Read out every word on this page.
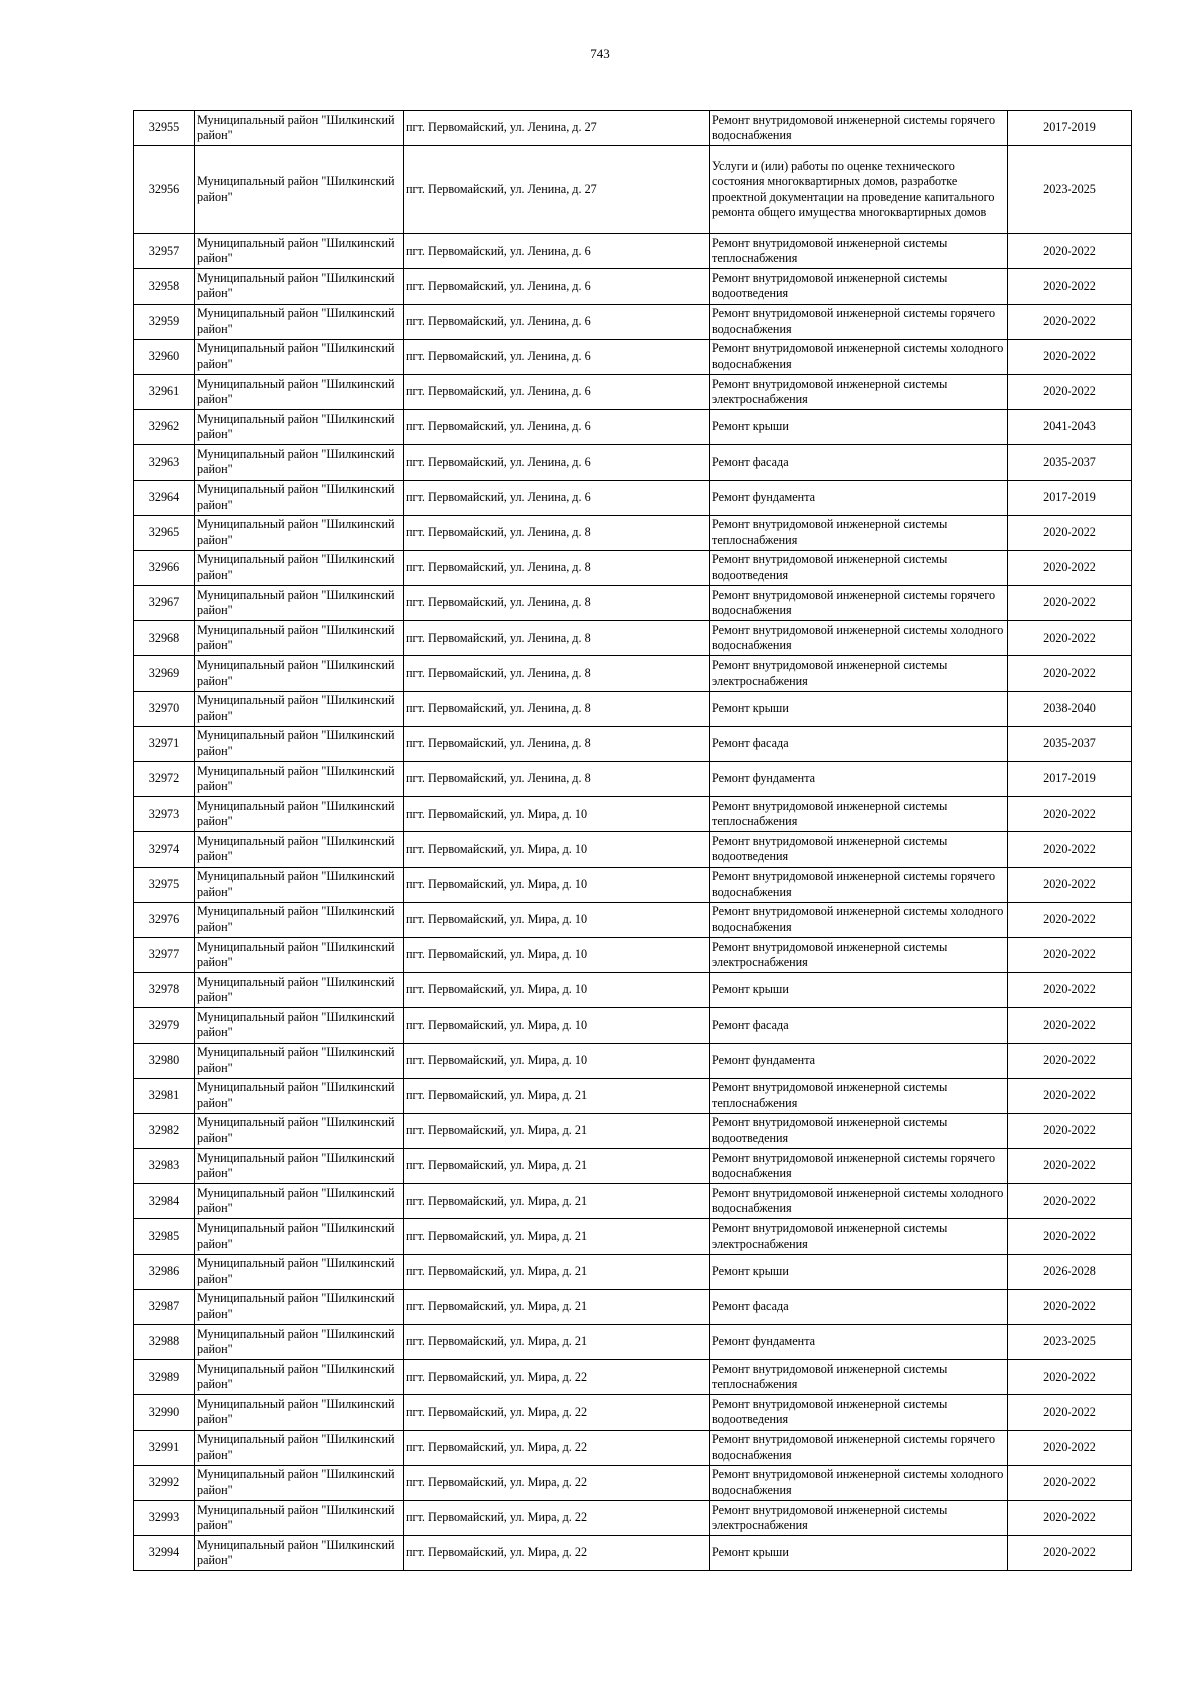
743
32955	Муниципальный район "Шилкинский район"	пгт. Первомайский, ул. Ленина, д. 27	Ремонт внутридомовой инженерной системы горячего водоснабжения	2017-2019
32956	Муниципальный район "Шилкинский район"	пгт. Первомайский, ул. Ленина, д. 27	Услуги и (или) работы по оценке технического состояния многоквартирных домов, разработке проектной документации на проведение капитального ремонта общего имущества многоквартирных домов	2023-2025
32957	Муниципальный район "Шилкинский район"	пгт. Первомайский, ул. Ленина, д. 6	Ремонт внутридомовой инженерной системы теплоснабжения	2020-2022
32958	Муниципальный район "Шилкинский район"	пгт. Первомайский, ул. Ленина, д. 6	Ремонт внутридомовой инженерной системы водоотведения	2020-2022
32959	Муниципальный район "Шилкинский район"	пгт. Первомайский, ул. Ленина, д. 6	Ремонт внутридомовой инженерной системы горячего водоснабжения	2020-2022
32960	Муниципальный район "Шилкинский район"	пгт. Первомайский, ул. Ленина, д. 6	Ремонт внутридомовой инженерной системы холодного водоснабжения	2020-2022
32961	Муниципальный район "Шилкинский район"	пгт. Первомайский, ул. Ленина, д. 6	Ремонт внутридомовой инженерной системы электроснабжения	2020-2022
32962	Муниципальный район "Шилкинский район"	пгт. Первомайский, ул. Ленина, д. 6	Ремонт крыши	2041-2043
32963	Муниципальный район "Шилкинский район"	пгт. Первомайский, ул. Ленина, д. 6	Ремонт фасада	2035-2037
32964	Муниципальный район "Шилкинский район"	пгт. Первомайский, ул. Ленина, д. 6	Ремонт фундамента	2017-2019
32965	Муниципальный район "Шилкинский район"	пгт. Первомайский, ул. Ленина, д. 8	Ремонт внутридомовой инженерной системы теплоснабжения	2020-2022
32966	Муниципальный район "Шилкинский район"	пгт. Первомайский, ул. Ленина, д. 8	Ремонт внутридомовой инженерной системы водоотведения	2020-2022
32967	Муниципальный район "Шилкинский район"	пгт. Первомайский, ул. Ленина, д. 8	Ремонт внутридомовой инженерной системы горячего водоснабжения	2020-2022
32968	Муниципальный район "Шилкинский район"	пгт. Первомайский, ул. Ленина, д. 8	Ремонт внутридомовой инженерной системы холодного водоснабжения	2020-2022
32969	Муниципальный район "Шилкинский район"	пгт. Первомайский, ул. Ленина, д. 8	Ремонт внутридомовой инженерной системы электроснабжения	2020-2022
32970	Муниципальный район "Шилкинский район"	пгт. Первомайский, ул. Ленина, д. 8	Ремонт крыши	2038-2040
32971	Муниципальный район "Шилкинский район"	пгт. Первомайский, ул. Ленина, д. 8	Ремонт фасада	2035-2037
32972	Муниципальный район "Шилкинский район"	пгт. Первомайский, ул. Ленина, д. 8	Ремонт фундамента	2017-2019
32973	Муниципальный район "Шилкинский район"	пгт. Первомайский, ул. Мира, д. 10	Ремонт внутридомовой инженерной системы теплоснабжения	2020-2022
32974	Муниципальный район "Шилкинский район"	пгт. Первомайский, ул. Мира, д. 10	Ремонт внутридомовой инженерной системы водоотведения	2020-2022
32975	Муниципальный район "Шилкинский район"	пгт. Первомайский, ул. Мира, д. 10	Ремонт внутридомовой инженерной системы горячего водоснабжения	2020-2022
32976	Муниципальный район "Шилкинский район"	пгт. Первомайский, ул. Мира, д. 10	Ремонт внутридомовой инженерной системы холодного водоснабжения	2020-2022
32977	Муниципальный район "Шилкинский район"	пгт. Первомайский, ул. Мира, д. 10	Ремонт внутридомовой инженерной системы электроснабжения	2020-2022
32978	Муниципальный район "Шилкинский район"	пгт. Первомайский, ул. Мира, д. 10	Ремонт крыши	2020-2022
32979	Муниципальный район "Шилкинский район"	пгт. Первомайский, ул. Мира, д. 10	Ремонт фасада	2020-2022
32980	Муниципальный район "Шилкинский район"	пгт. Первомайский, ул. Мира, д. 10	Ремонт фундамента	2020-2022
32981	Муниципальный район "Шилкинский район"	пгт. Первомайский, ул. Мира, д. 21	Ремонт внутридомовой инженерной системы теплоснабжения	2020-2022
32982	Муниципальный район "Шилкинский район"	пгт. Первомайский, ул. Мира, д. 21	Ремонт внутридомовой инженерной системы водоотведения	2020-2022
32983	Муниципальный район "Шилкинский район"	пгт. Первомайский, ул. Мира, д. 21	Ремонт внутридомовой инженерной системы горячего водоснабжения	2020-2022
32984	Муниципальный район "Шилкинский район"	пгт. Первомайский, ул. Мира, д. 21	Ремонт внутридомовой инженерной системы холодного водоснабжения	2020-2022
32985	Муниципальный район "Шилкинский район"	пгт. Первомайский, ул. Мира, д. 21	Ремонт внутридомовой инженерной системы электроснабжения	2020-2022
32986	Муниципальный район "Шилкинский район"	пгт. Первомайский, ул. Мира, д. 21	Ремонт крыши	2026-2028
32987	Муниципальный район "Шилкинский район"	пгт. Первомайский, ул. Мира, д. 21	Ремонт фасада	2020-2022
32988	Муниципальный район "Шилкинский район"	пгт. Первомайский, ул. Мира, д. 21	Ремонт фундамента	2023-2025
32989	Муниципальный район "Шилкинский район"	пгт. Первомайский, ул. Мира, д. 22	Ремонт внутридомовой инженерной системы теплоснабжения	2020-2022
32990	Муниципальный район "Шилкинский район"	пгт. Первомайский, ул. Мира, д. 22	Ремонт внутридомовой инженерной системы водоотведения	2020-2022
32991	Муниципальный район "Шилкинский район"	пгт. Первомайский, ул. Мира, д. 22	Ремонт внутридомовой инженерной системы горячего водоснабжения	2020-2022
32992	Муниципальный район "Шилкинский район"	пгт. Первомайский, ул. Мира, д. 22	Ремонт внутридомовой инженерной системы холодного водоснабжения	2020-2022
32993	Муниципальный район "Шилкинский район"	пгт. Первомайский, ул. Мира, д. 22	Ремонт внутридомовой инженерной системы электроснабжения	2020-2022
32994	Муниципальный район "Шилкинский район"	пгт. Первомайский, ул. Мира, д. 22	Ремонт крыши	2020-2022
